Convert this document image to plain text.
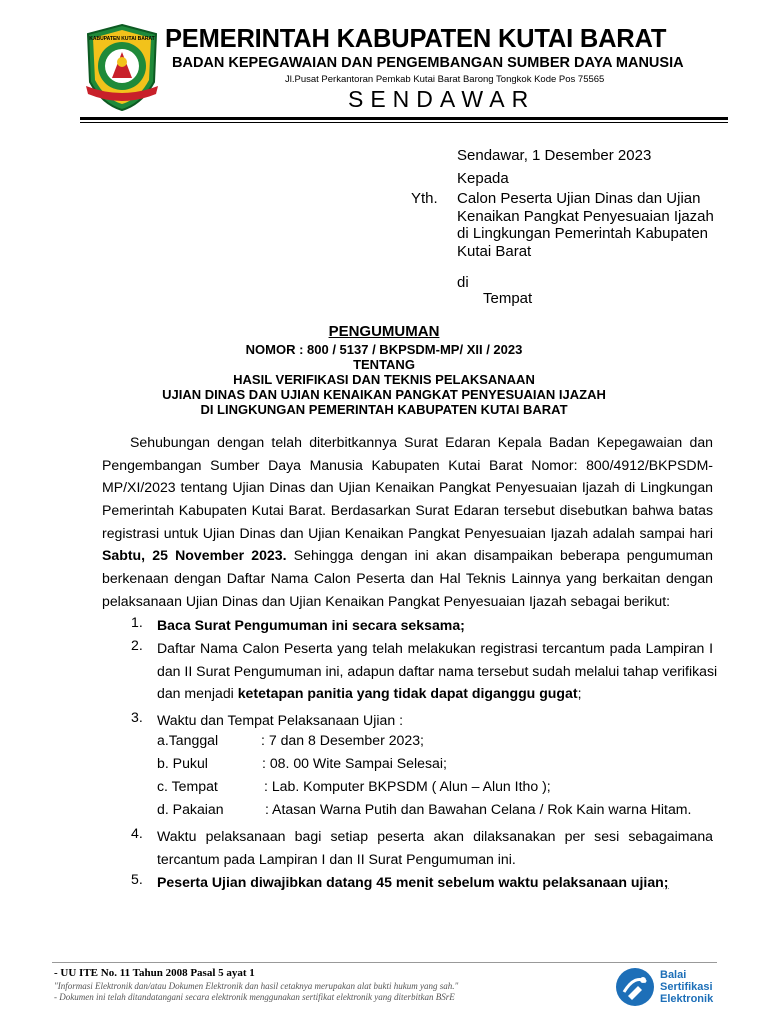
KABUPATEN KUTAI BARAT PEMERINTAH KABUPATEN KUTAI BARAT
BADAN KEPEGAWAIAN DAN PENGEMBANGAN SUMBER DAYA MANUSIA
Jl.Pusat Perkantoran Pemkab Kutai Barat Barong Tongkok Kode Pos 75565
SENDAWAR
Sendawar, 1 Desember 2023
Kepada
Yth. Calon Peserta Ujian Dinas dan Ujian
Kenaikan Pangkat Penyesuaian Ijazah
di Lingkungan Pemerintah Kabupaten
Kutai Barat
di
Tempat
PENGUMUMAN
NOMOR : 800 / 5137 / BKPSDM-MP/ XII / 2023
TENTANG
HASIL VERIFIKASI DAN TEKNIS PELAKSANAAN
UJIAN DINAS DAN UJIAN KENAIKAN PANGKAT PENYESUAIAN IJAZAH
DI LINGKUNGAN PEMERINTAH KABUPATEN KUTAI BARAT
Sehubungan dengan telah diterbitkannya Surat Edaran Kepala Badan Kepegawaian dan
Pengembangan Sumber Daya Manusia Kabupaten Kutai Barat Nomor: 800/4912/BKPSDM-
MP/XI/2023 tentang Ujian Dinas dan Ujian Kenaikan Pangkat Penyesuaian Ijazah di Lingkungan
Pemerintah Kabupaten Kutai Barat. Berdasarkan Surat Edaran tersebut disebutkan bahwa batas
registrasi untuk Ujian Dinas dan Ujian Kenaikan Pangkat Penyesuaian Ijazah adalah sampai hari
Sabtu, 25 November 2023. Sehingga dengan ini akan disampaikan beberapa pengumuman
berkenaan dengan Daftar Nama Calon Peserta dan Hal Teknis Lainnya yang berkaitan dengan
pelaksanaan Ujian Dinas dan Ujian Kenaikan Pangkat Penyesuaian Ijazah sebagai berikut:
1. Baca Surat Pengumuman ini secara seksama;
2. Daftar Nama Calon Peserta yang telah melakukan registrasi tercantum pada Lampiran I
dan II Surat Pengumuman ini, adapun daftar nama tersebut sudah melalui tahap verifikasi
dan menjadi ketetapan panitia yang tidak dapat diganggu gugat;
3. Waktu dan Tempat Pelaksanaan Ujian :
a.Tanggal	: 7 dan 8 Desember 2023;
b. Pukul	: 08. 00 Wite Sampai Selesai;
c. Tempat	: Lab. Komputer BKPSDM ( Alun – Alun Itho );
d. Pakaian	: Atasan Warna Putih dan Bawahan Celana / Rok Kain warna Hitam.
4. Waktu pelaksanaan bagi setiap peserta akan dilaksanakan per sesi sebagaimana
tercantum pada Lampiran I dan II Surat Pengumuman ini.
5. Peserta Ujian diwajibkan datang 45 menit sebelum waktu pelaksanaan ujian;
- UU ITE No. 11 Tahun 2008 Pasal 5 ayat 1
"Informasi Elektronik dan/atau Dokumen Elektronik dan hasil cetaknya merupakan alat bukti hukum yang sah."
- Dokumen ini telah ditandatangani secara elektronik menggunakan sertifikat elektronik yang diterbitkan BSrE
Balai
Sertifikasi
Elektronik
